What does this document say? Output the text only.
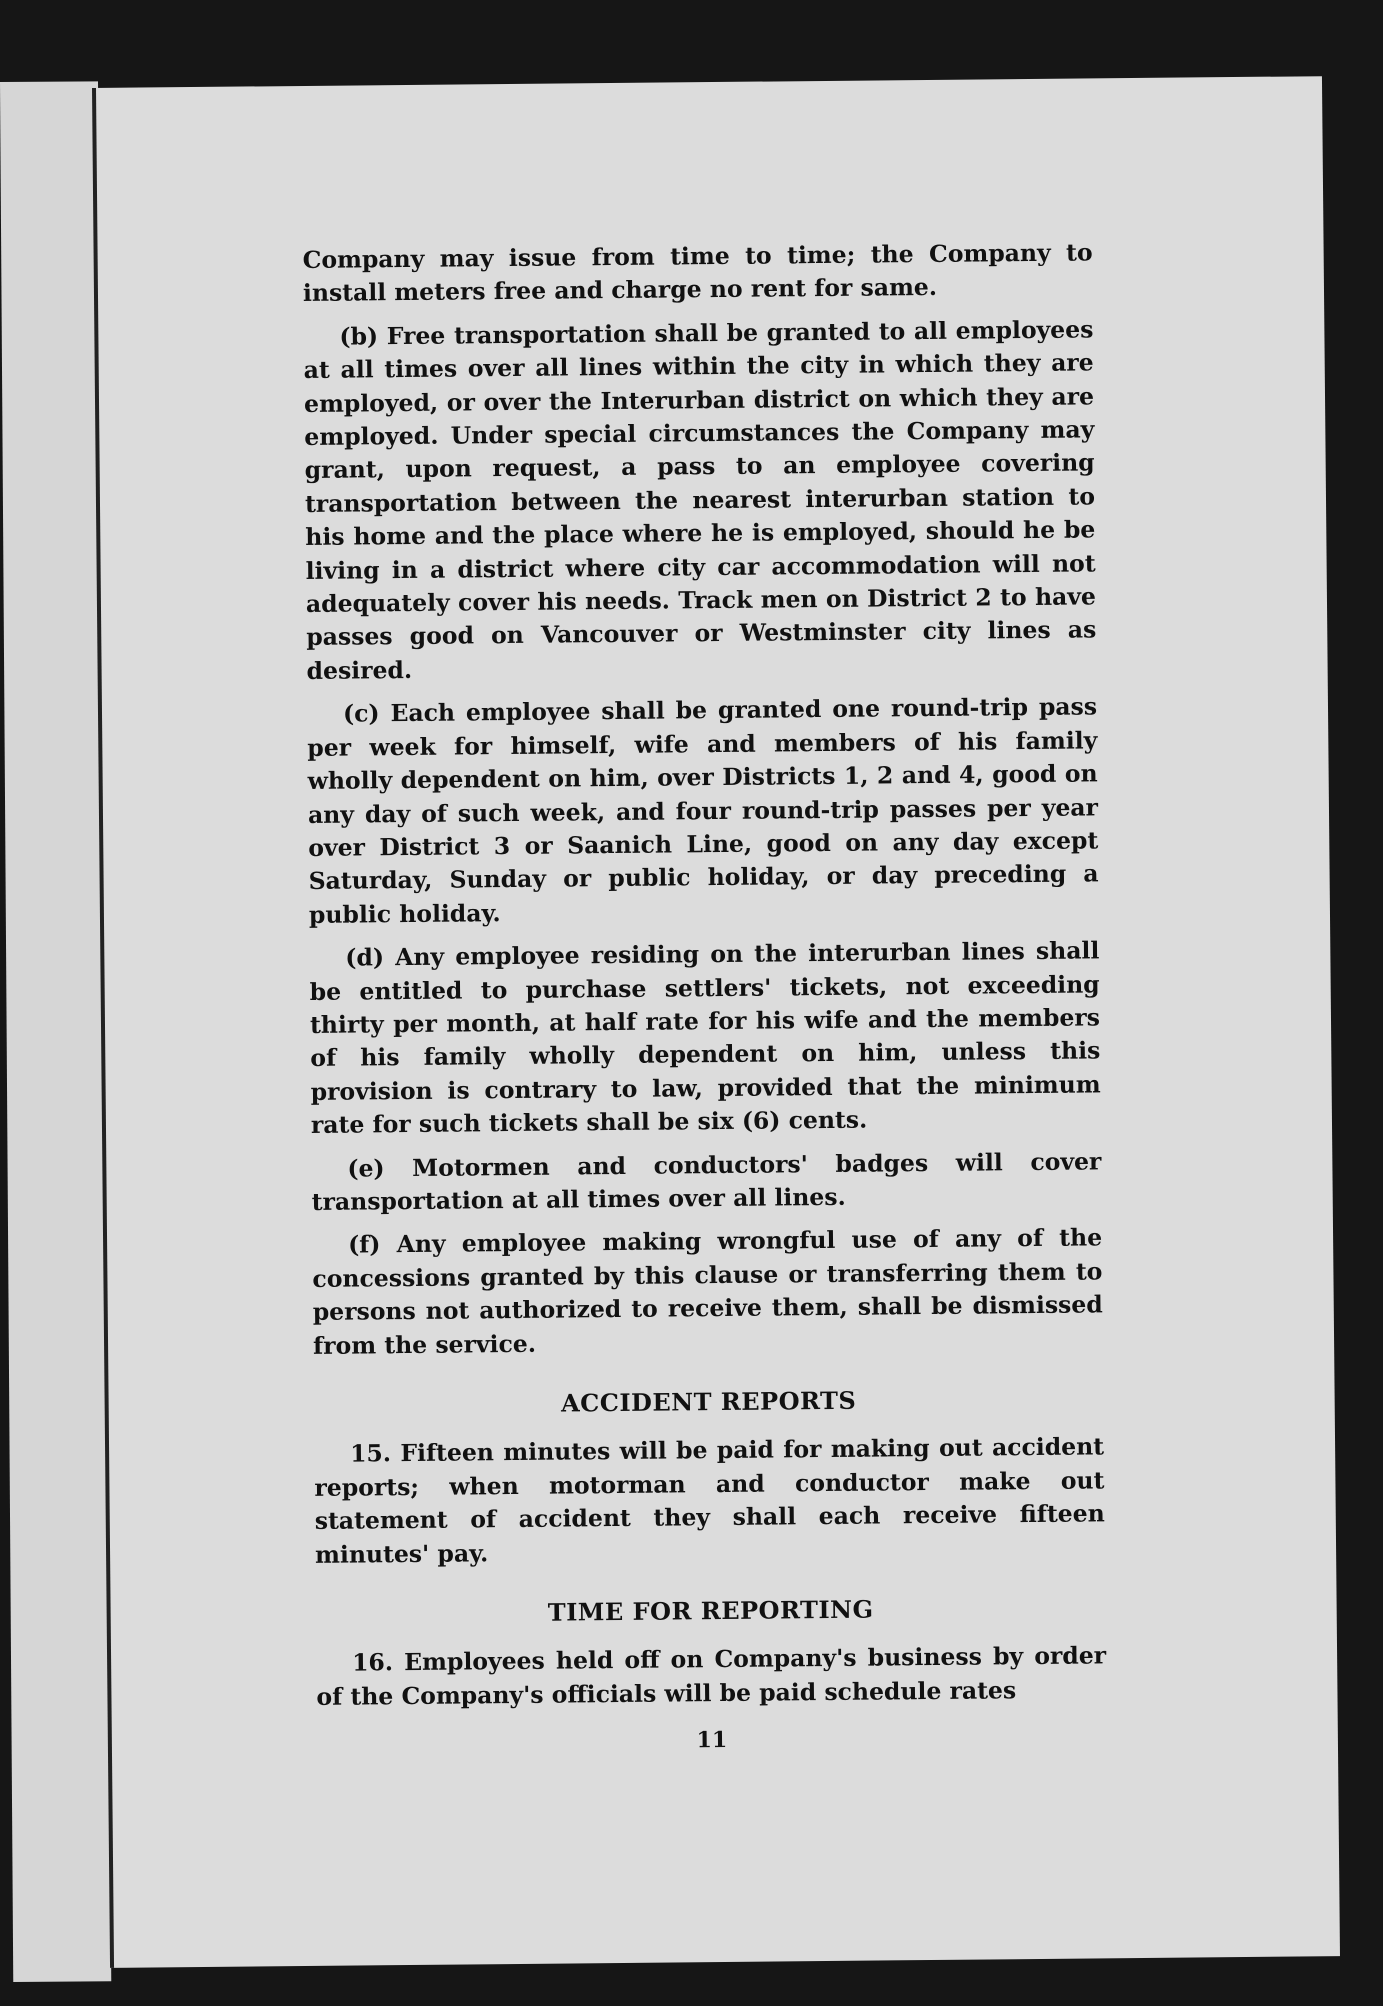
Company may issue from time to time; the Company to install meters free and charge no rent for same.

(b) Free transportation shall be granted to all employees at all times over all lines within the city in which they are employed, or over the Interurban district on which they are employed. Under special circumstances the Company may grant, upon request, a pass to an employee covering transportation between the nearest interurban station to his home and the place where he is employed, should he be living in a district where city car accommodation will not adequately cover his needs. Track men on District 2 to have passes good on Vancouver or Westminster city lines as desired.

(c) Each employee shall be granted one round-trip pass per week for himself, wife and members of his family wholly dependent on him, over Districts 1, 2 and 4, good on any day of such week, and four round-trip passes per year over District 3 or Saanich Line, good on any day except Saturday, Sunday or public holiday, or day preceding a public holiday.

(d) Any employee residing on the interurban lines shall be entitled to purchase settlers' tickets, not exceeding thirty per month, at half rate for his wife and the members of his family wholly dependent on him, unless this provision is contrary to law, provided that the minimum rate for such tickets shall be six (6) cents.

(e) Motormen and conductors' badges will cover transportation at all times over all lines.

(f) Any employee making wrongful use of any of the concessions granted by this clause or transferring them to persons not authorized to receive them, shall be dismissed from the service.

ACCIDENT REPORTS

15. Fifteen minutes will be paid for making out accident reports; when motorman and conductor make out statement of accident they shall each receive fifteen minutes' pay.

TIME FOR REPORTING

16. Employees held off on Company's business by order of the Company's officials will be paid schedule rates

11
